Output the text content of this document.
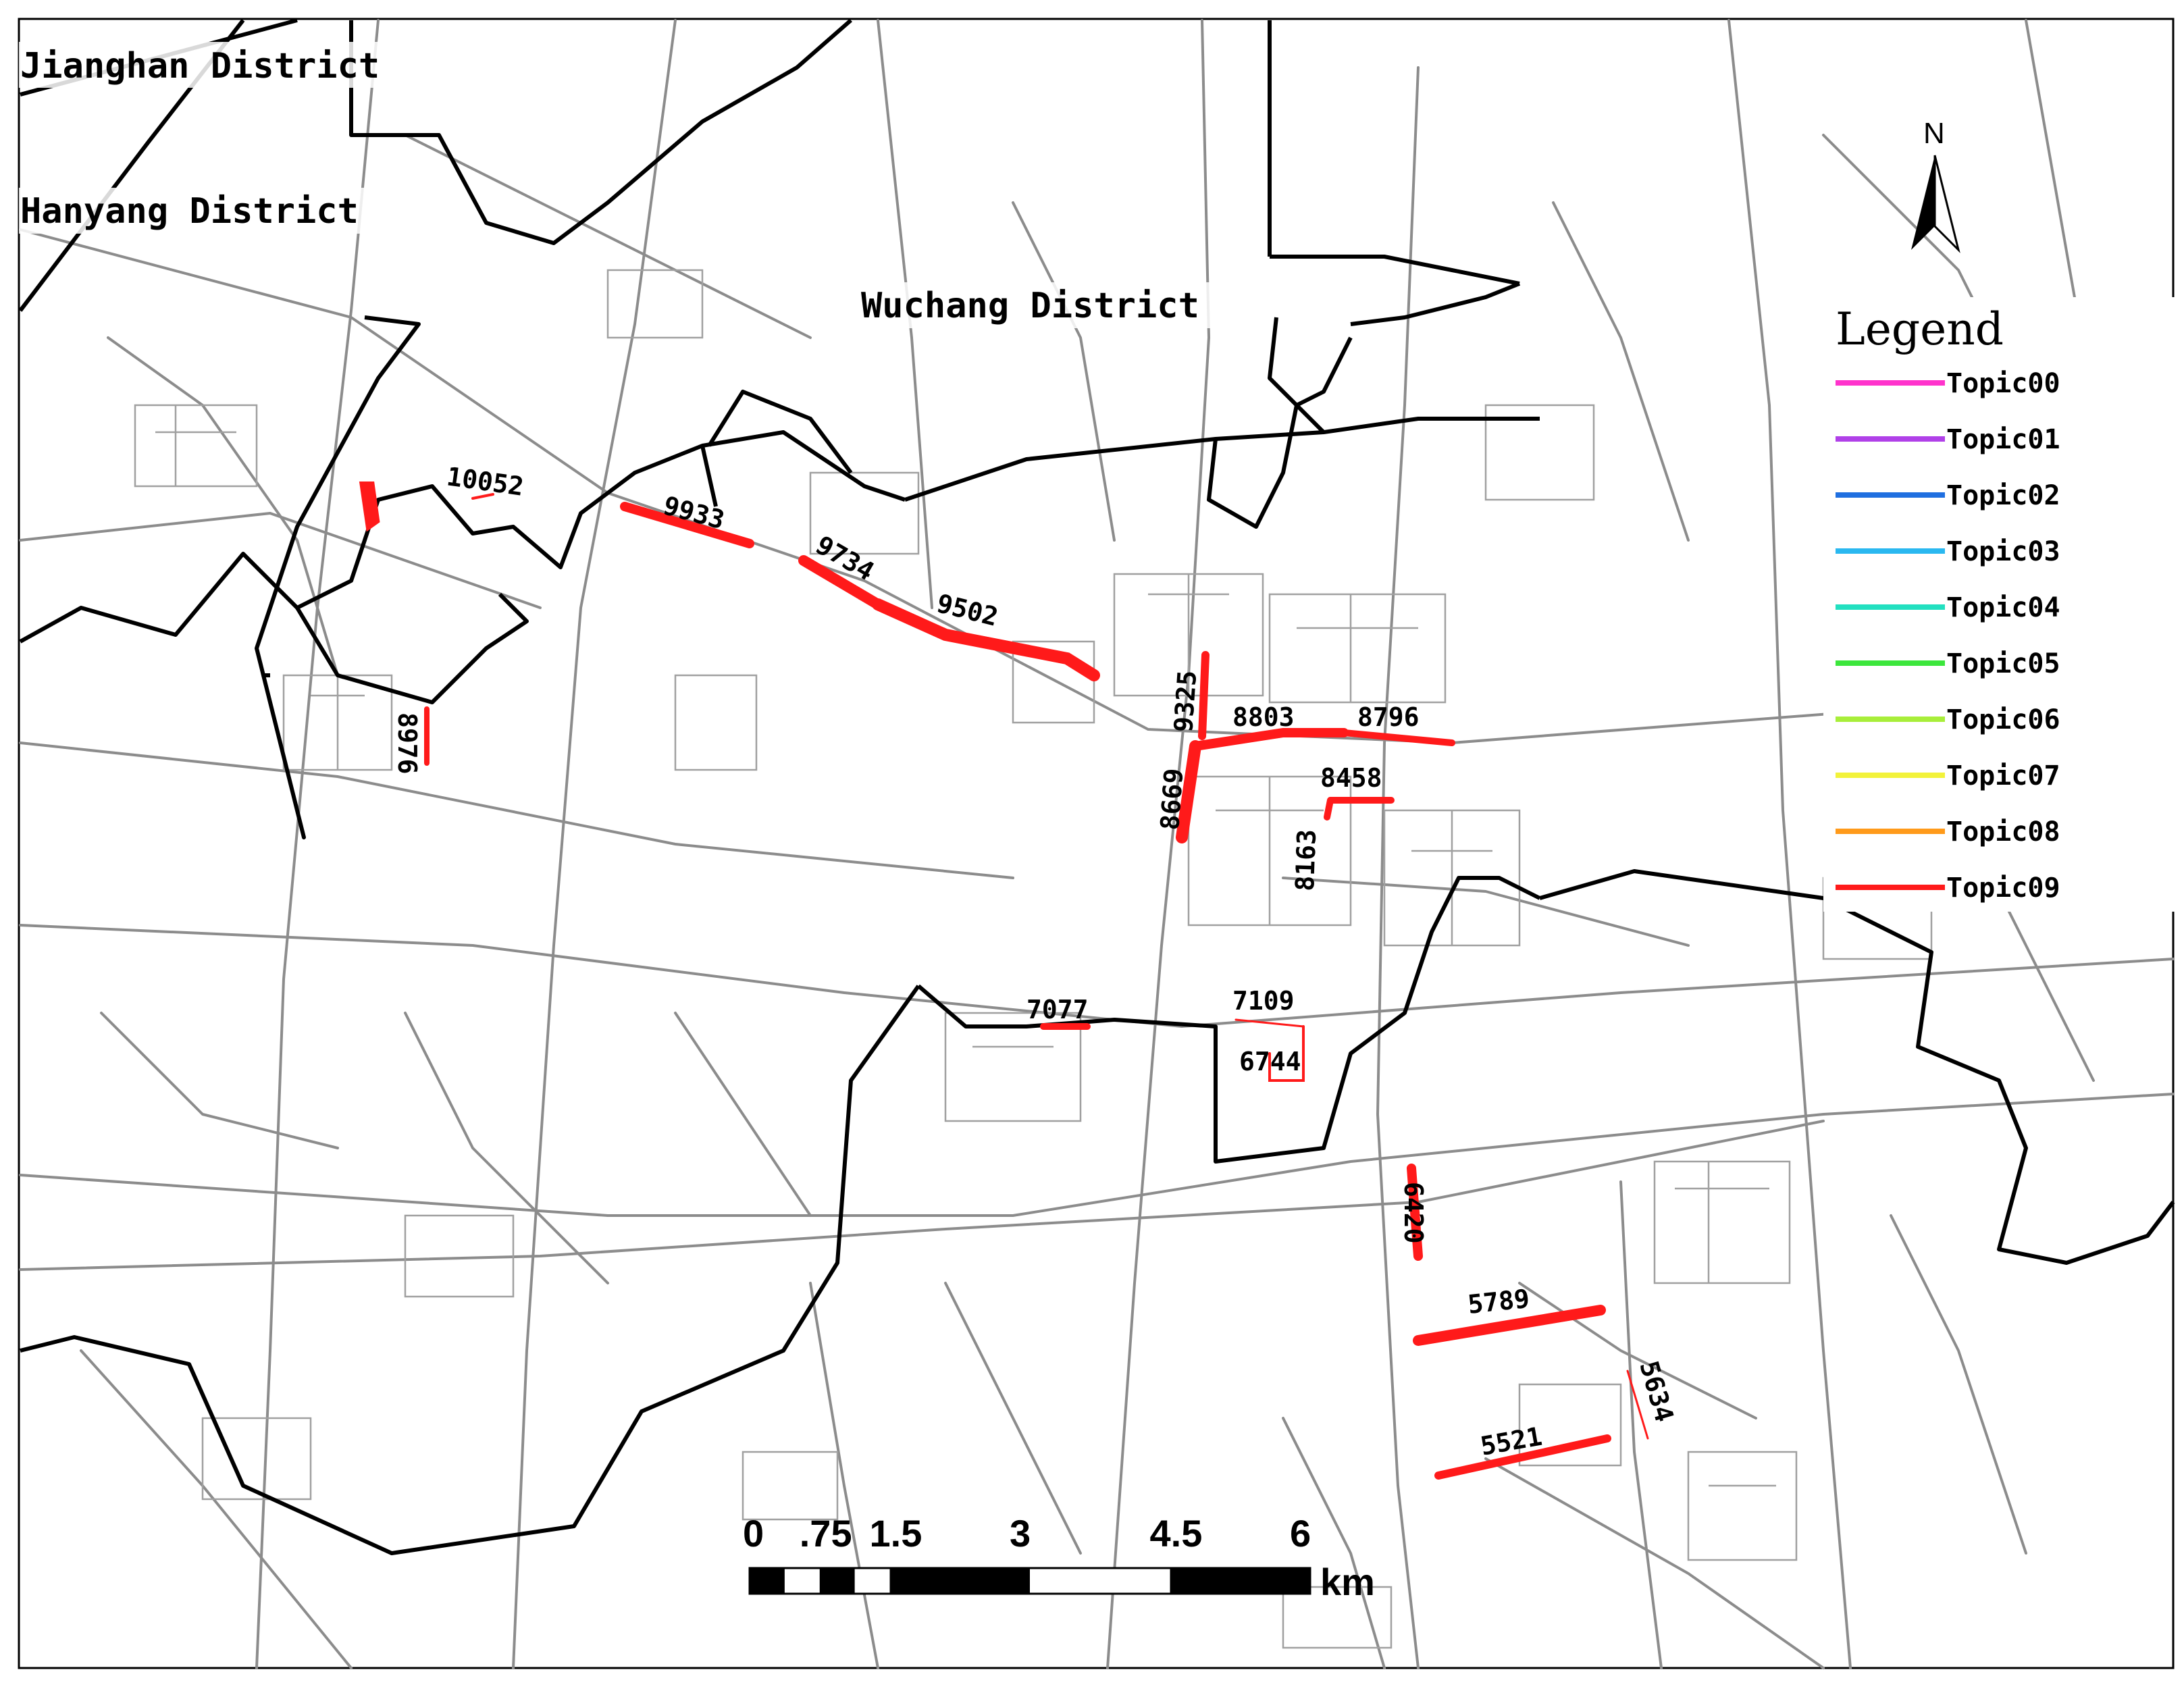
10052
9933
9734
9502
9325
8976	8803 8796
8669	8458
8163
7077	7109
6744
6420
5789
5634
5521
Jianghan District
Hanyang District
Wuchang District
N
Legend
Topic00
Topic01
Topic02
Topic03
Topic04
Topic05
Topic06
Topic07
Topic08
Topic09
0 .75 1.5 3	4.5 6
km
